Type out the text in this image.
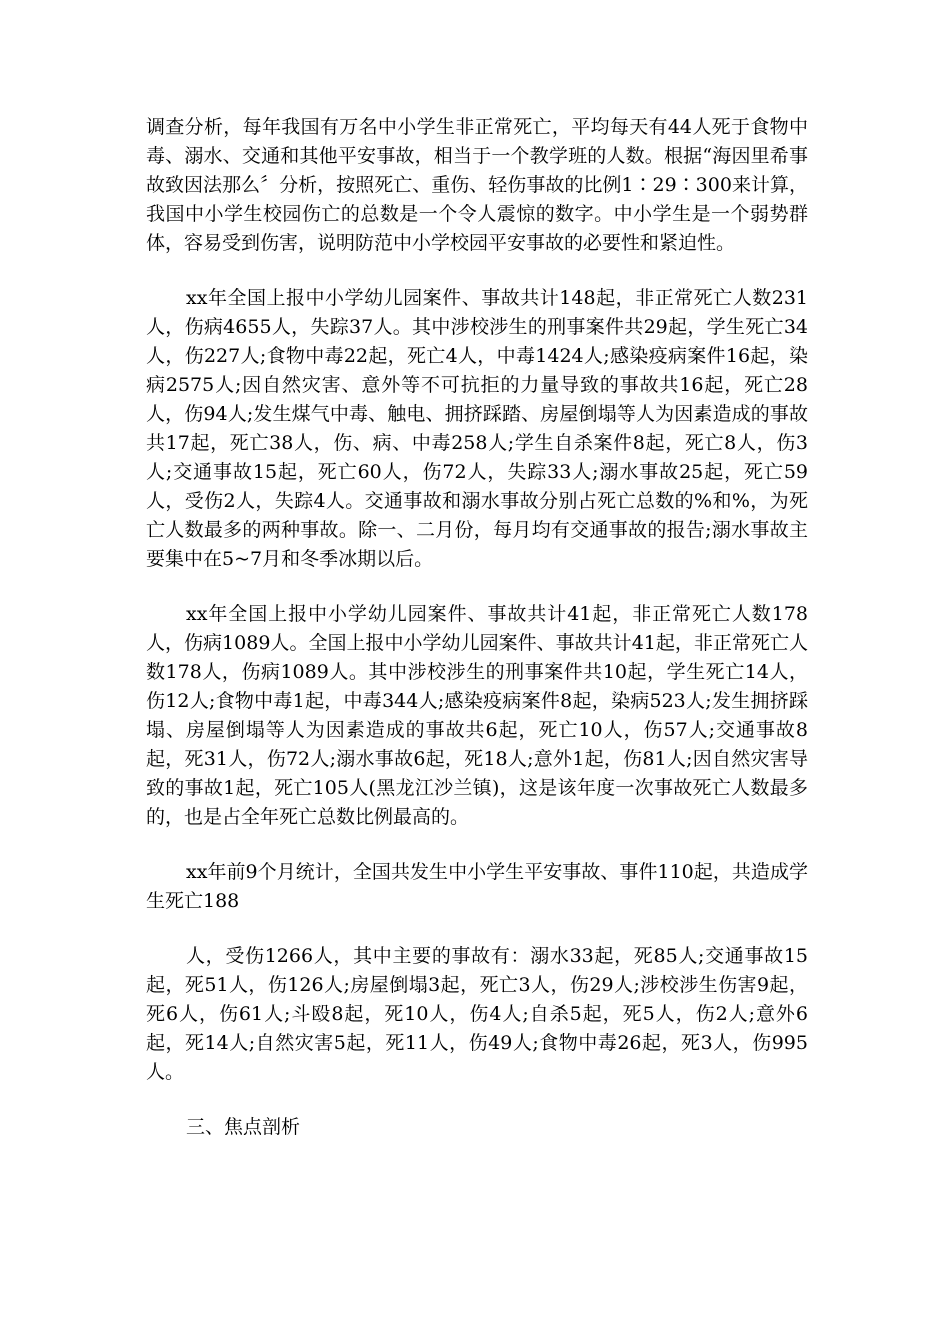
调查分析，每年我国有万名中小学生非正常死亡，平均每天有44人死于食物中毒、溺水、交通和其他平安事故，相当于一个教学班的人数。根据“海因里希事故致因法那么〞分析，按照死亡、重伤、轻伤事故的比例1∶29∶300来计算，我国中小学生校园伤亡的总数是一个令人震惊的数字。中小学生是一个弱势群体，容易受到伤害，说明防范中小学校园平安事故的必要性和紧迫性。

xx年全国上报中小学幼儿园案件、事故共计148起，非正常死亡人数231人，伤病4655人，失踪37人。其中涉校涉生的刑事案件共29起，学生死亡34人，伤227人;食物中毒22起，死亡4人，中毒1424人;感染疫病案件16起，染病2575人;因自然灾害、意外等不可抗拒的力量导致的事故共16起，死亡28人，伤94人;发生煤气中毒、触电、拥挤踩踏、房屋倒塌等人为因素造成的事故共17起，死亡38人，伤、病、中毒258人;学生自杀案件8起，死亡8人，伤3人;交通事故15起，死亡60人，伤72人，失踪33人;溺水事故25起，死亡59人，受伤2人，失踪4人。交通事故和溺水事故分别占死亡总数的%和%，为死亡人数最多的两种事故。除一、二月份，每月均有交通事故的报告;溺水事故主要集中在5~7月和冬季冰期以后。

xx年全国上报中小学幼儿园案件、事故共计41起，非正常死亡人数178人，伤病1089人。全国上报中小学幼儿园案件、事故共计41起，非正常死亡人数178人，伤病1089人。其中涉校涉生的刑事案件共10起，学生死亡14人，伤12人;食物中毒1起，中毒344人;感染疫病案件8起，染病523人;发生拥挤踩塌、房屋倒塌等人为因素造成的事故共6起，死亡10人，伤57人;交通事故8起，死31人，伤72人;溺水事故6起，死18人;意外1起，伤81人;因自然灾害导致的事故1起，死亡105人(黑龙江沙兰镇)，这是该年度一次事故死亡人数最多的，也是占全年死亡总数比例最高的。

xx年前9个月统计，全国共发生中小学生平安事故、事件110起，共造成学生死亡188

人，受伤1266人，其中主要的事故有：溺水33起，死85人;交通事故15起，死51人，伤126人;房屋倒塌3起，死亡3人，伤29人;涉校涉生伤害9起，死6人，伤61人;斗殴8起，死10人，伤4人;自杀5起，死5人，伤2人;意外6起，死14人;自然灾害5起，死11人，伤49人;食物中毒26起，死3人，伤995人。

三、焦点剖析
